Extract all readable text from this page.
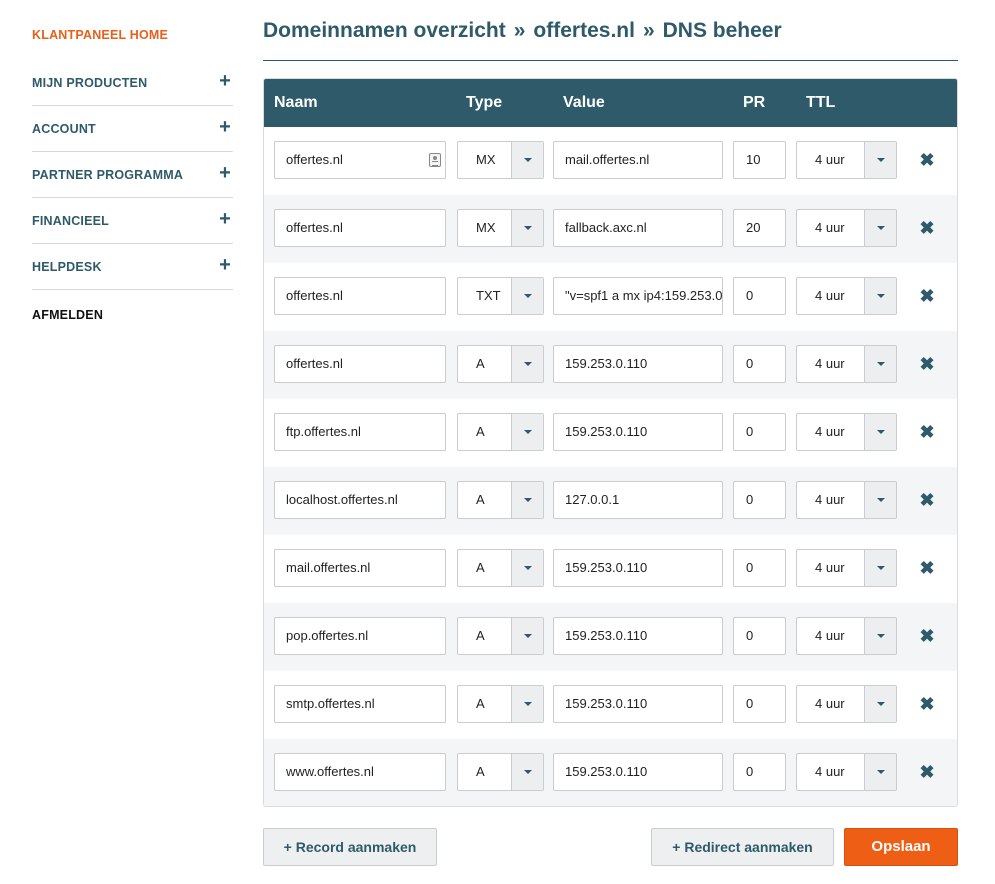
KLANTPANEEL HOME
MIJN PRODUCTEN	+
ACCOUNT	+
PARTNER PROGRAMMA +
FINANCIEEL	+
HELPDESK	+
AFMELDEN
Domeinnamen overzicht » offertes.nl » DNS beheer
Naam	Type	Value	PR	TTL
offertes.nl	MX	mail.offertes.nl	10	4 uur	✖
offertes.nl	MX	fallback.axc.nl	20	4 uur	✖
offertes.nl	TXT	"v=spf1 a mx ip4:159.253.0	0	4 uur	✖
offertes.nl	A	159.253.0.110	0	4 uur	✖
ftp.offertes.nl	A	159.253.0.110	0	4 uur	✖
localhost.offertes.nl	A	127.0.0.1	0	4 uur	✖
mail.offertes.nl	A	159.253.0.110	0	4 uur	✖
pop.offertes.nl	A	159.253.0.110	0	4 uur	✖
smtp.offertes.nl	A	159.253.0.110	0	4 uur	✖
www.offertes.nl	A	159.253.0.110	0	4 uur	✖
+ Record aanmaken	+ Redirect aanmaken	Opslaan
